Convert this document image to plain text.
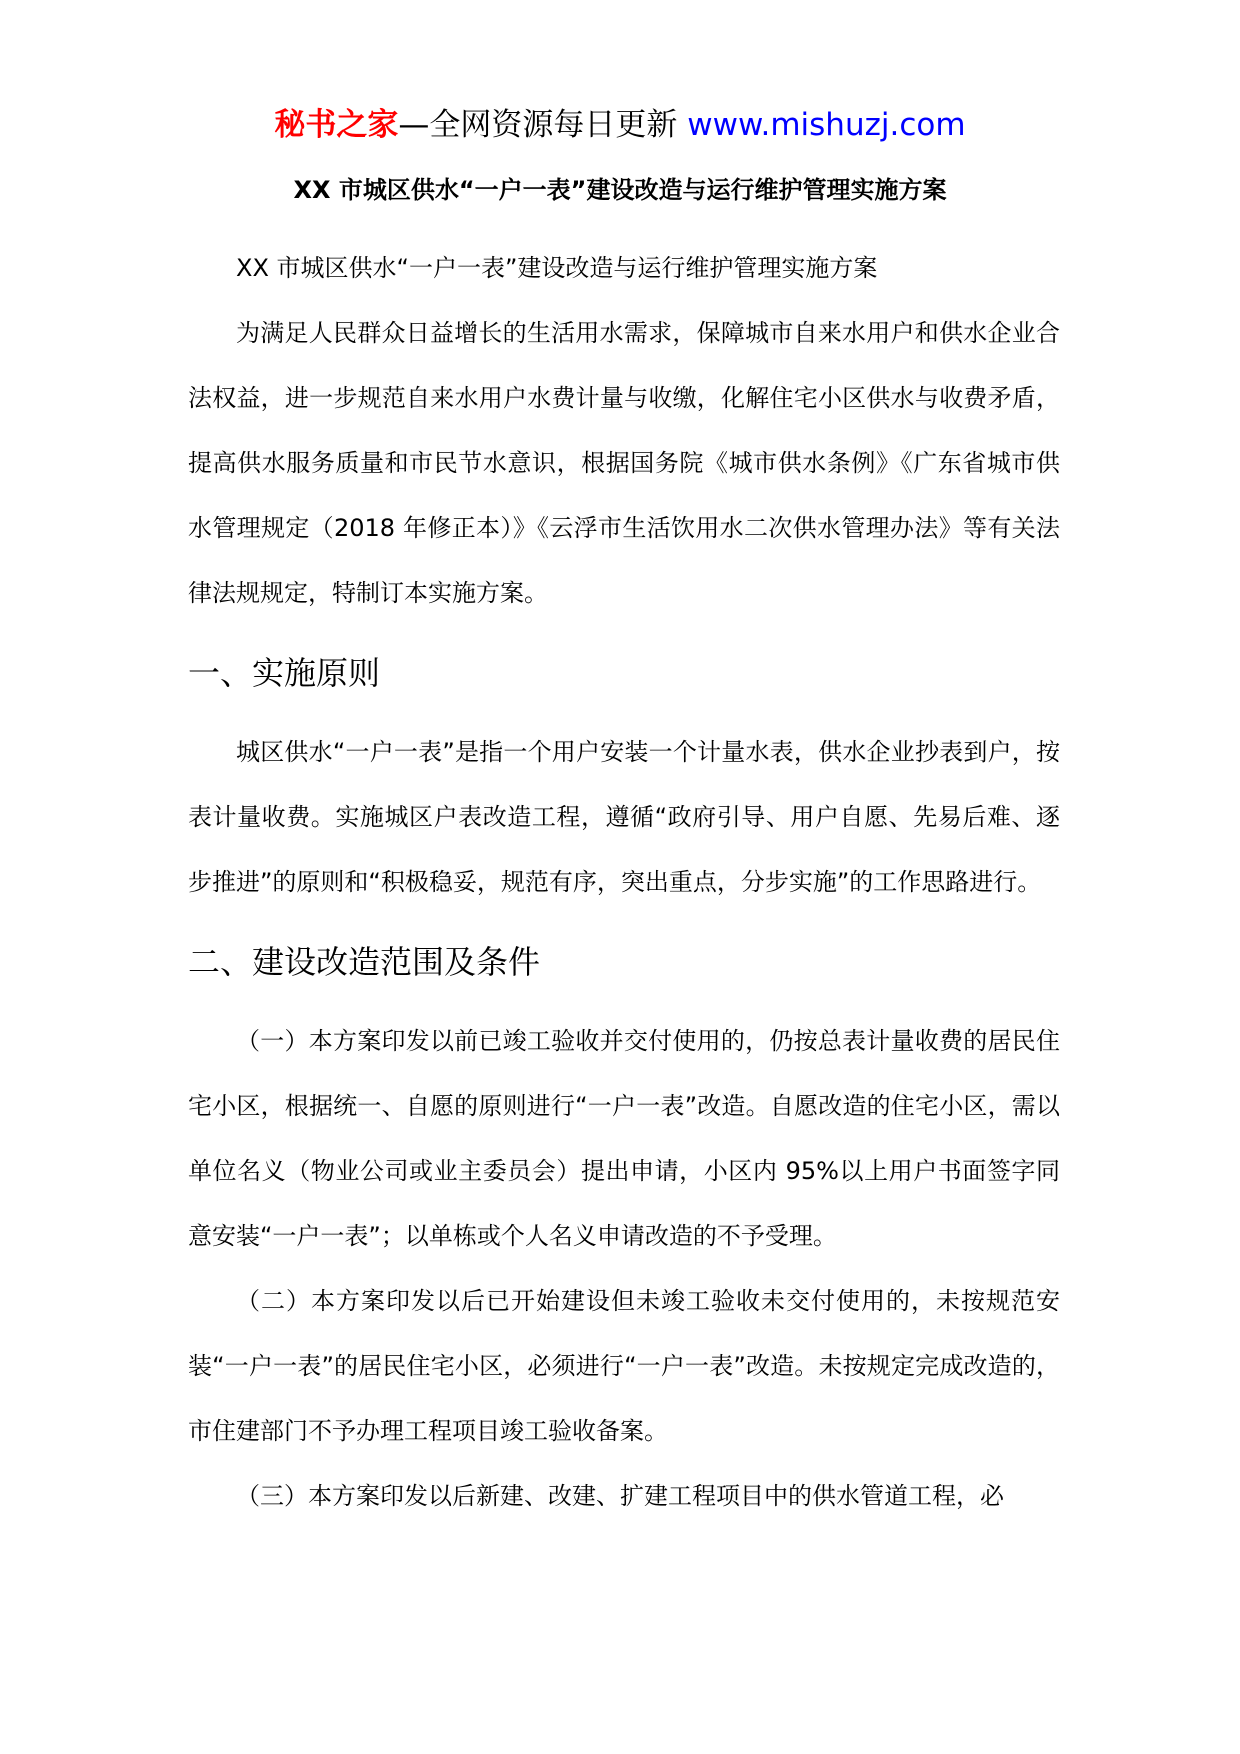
秘书之家—全网资源每日更新 www.mishuzj.com
XX 市城区供水“一户一表”建设改造与运行维护管理实施方案

XX 市城区供水“一户一表”建设改造与运行维护管理实施方案

为满足人民群众日益增长的生活用水需求，保障城市自来水用户和供水企业合法权益，进一步规范自来水用户水费计量与收缴，化解住宅小区供水与收费矛盾，提高供水服务质量和市民节水意识，根据国务院《城市供水条例》《广东省城市供水管理规定（2018 年修正本）》《云浮市生活饮用水二次供水管理办法》等有关法律法规规定，特制订本实施方案。

一、实施原则

城区供水“一户一表”是指一个用户安装一个计量水表，供水企业抄表到户，按表计量收费。实施城区户表改造工程，遵循“政府引导、用户自愿、先易后难、逐步推进”的原则和“积极稳妥，规范有序，突出重点，分步实施”的工作思路进行。

二、建设改造范围及条件

（一）本方案印发以前已竣工验收并交付使用的，仍按总表计量收费的居民住宅小区，根据统一、自愿的原则进行“一户一表”改造。自愿改造的住宅小区，需以单位名义（物业公司或业主委员会）提出申请，小区内 95%以上用户书面签字同意安装“一户一表”；以单栋或个人名义申请改造的不予受理。

（二）本方案印发以后已开始建设但未竣工验收未交付使用的，未按规范安装“一户一表”的居民住宅小区，必须进行“一户一表”改造。未按规定完成改造的，市住建部门不予办理工程项目竣工验收备案。

（三）本方案印发以后新建、改建、扩建工程项目中的供水管道工程，必
